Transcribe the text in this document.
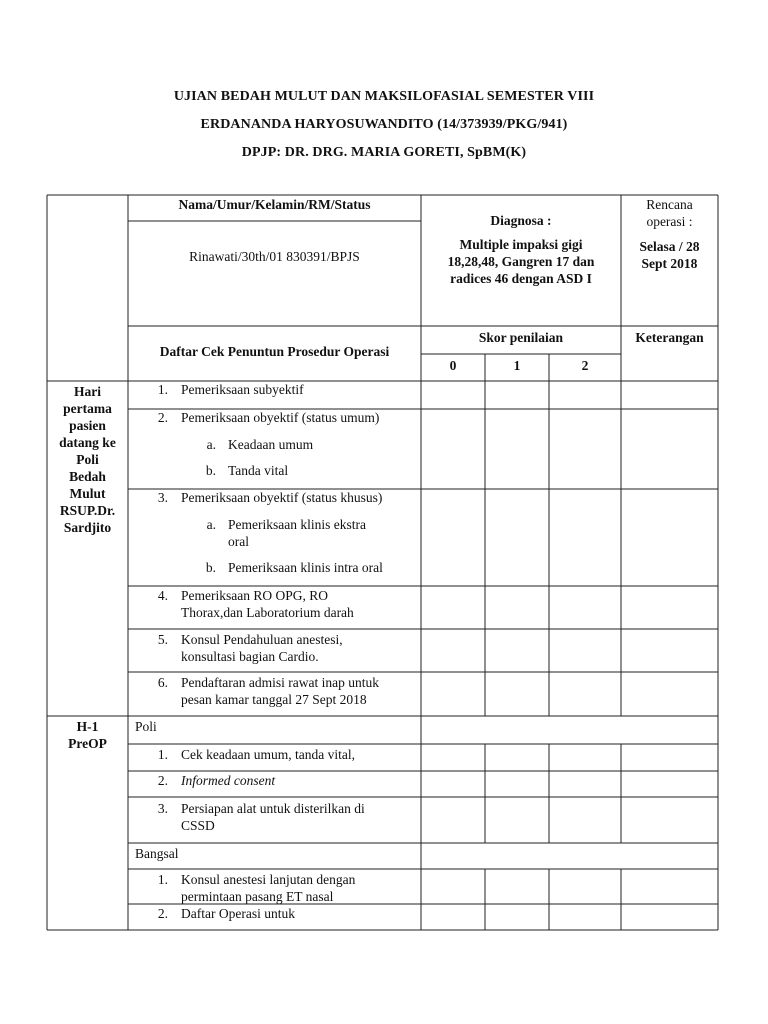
UJIAN BEDAH MULUT DAN MAKSILOFASIAL SEMESTER VIII
ERDANANDA HARYOSUWANDITO (14/373939/PKG/941)
DPJP: DR. DRG. MARIA GORETI, SpBM(K)
Nama/Umur/Kelamin/RM/Status
Rinawati/30th/01 830391/BPJS
Diagnosa :
Multiple impaksi gigi
18,28,48, Gangren 17 dan
radices 46 dengan ASD I
Rencana
operasi :
Selasa / 28
Sept 2018
Daftar Cek Penuntun Prosedur Operasi
Skor penilaian
0	1	2
Keterangan
Hari
pertama
pasien
datang ke
Poli
Bedah
Mulut
RSUP.Dr.
Sardjito
1. Pemeriksaan subyektif
2. Pemeriksaan obyektif (status umum)
a. Keadaan umum
b. Tanda vital
3. Pemeriksaan obyektif (status khusus)
a. Pemeriksaan klinis ekstra
oral
b. Pemeriksaan klinis intra oral
4. Pemeriksaan RO OPG, RO
Thorax,dan Laboratorium darah
5. Konsul Pendahuluan anestesi,
konsultasi bagian Cardio.
6. Pendaftaran admisi rawat inap untuk
pesan kamar tanggal 27 Sept 2018
H-1
PreOP
Poli
1. Cek keadaan umum, tanda vital,
2. Informed consent
3. Persiapan alat untuk disterilkan di
CSSD
Bangsal
1. Konsul anestesi lanjutan dengan
permintaan pasang ET nasal
2. Daftar Operasi untuk
